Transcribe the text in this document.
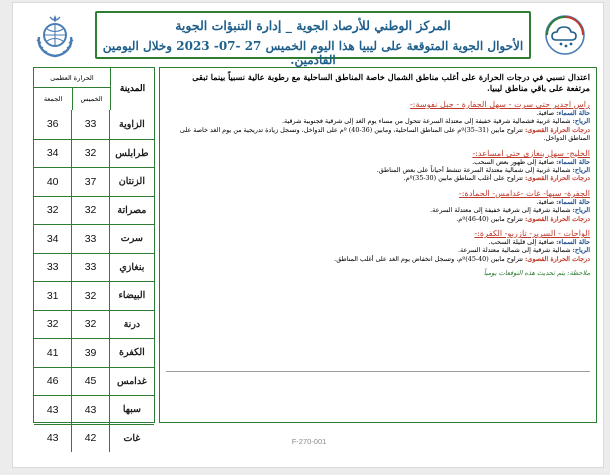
المركز الوطني للأرصاد الجوية _ إدارة التنبؤات الجوية
الأحوال الجوية المتوقعة على ليبيا هذا اليوم الخميس 27 -07- 2023 وخلال اليومين القادمين.
اعتدال نسبي في درجات الحرارة على أغلب مناطق الشمال خاصة المناطق الساحلية مع رطوبة عالية نسبياً بينما تبقى مرتفعة على باقي مناطق ليبيا.
راس اجدير حتى سرت - سهل الجفارة - جبل نفوسة:-
حالة السماء: صافية.
الرياح: شمالية غربية فشمالية شرقية خفيفة إلى معتدلة السرعة تتحول من مساء يوم الغد إلى شرقية فجنوبية شرقية.
درجات الحرارة القصوى: تتراوح مابين (31–35)ºم على المناطق الساحلية، ومابين (36-40) ºم على الدواخل، وتسجل زيادة تدريجية من يوم الغد خاصة على المناطق الدواخل.
الخليج- سهل بنغازي حتى امساعد:-
حالة السماء: صافية إلى ظهور بعض السحب.
الرياح: شمالية غربية إلى شمالية معتدلة السرعة تنشط أحياناً على بعض المناطق.
درجات الحرارة القصوى: تتراوح على أغلب المناطق مابين (30-35)ºم.
الجفرة- سبها- غات -غدامس- الحمادة:-
حالة السماء: صافية.
الرياح: شمالية شرقية إلى شرقية خفيفة إلى معتدلة السرعة.
درجات الحرارة القصوى: تتراوح مابين (40-46)ºم.
الواحات - السرير- تازربو- الكفرة:-
حالة السماء: صافية إلى قليلة السحب.
الرياح: شمالية شرقية إلى شمالية معتدلة السرعة.
درجات الحرارة القصوى: تتراوح مابين (40-45)ºم، وتسجل انخفاض يوم الغد على أغلب المناطق.
ملاحظة: يتم تحديث هذه التوقعات يومياً
المدينة
الحرارة العظمى
الخميس
الجمعة
الزاوية
33
36
طرابلس
32
34
الزنتان
37
40
مصراتة
32
32
سرت
33
34
بنغازي
33
33
البيضاء
32
31
درنة
32
32
الكفرة
39
41
غدامس
45
46
سبها
43
43
غات
42
43	F-270-001
